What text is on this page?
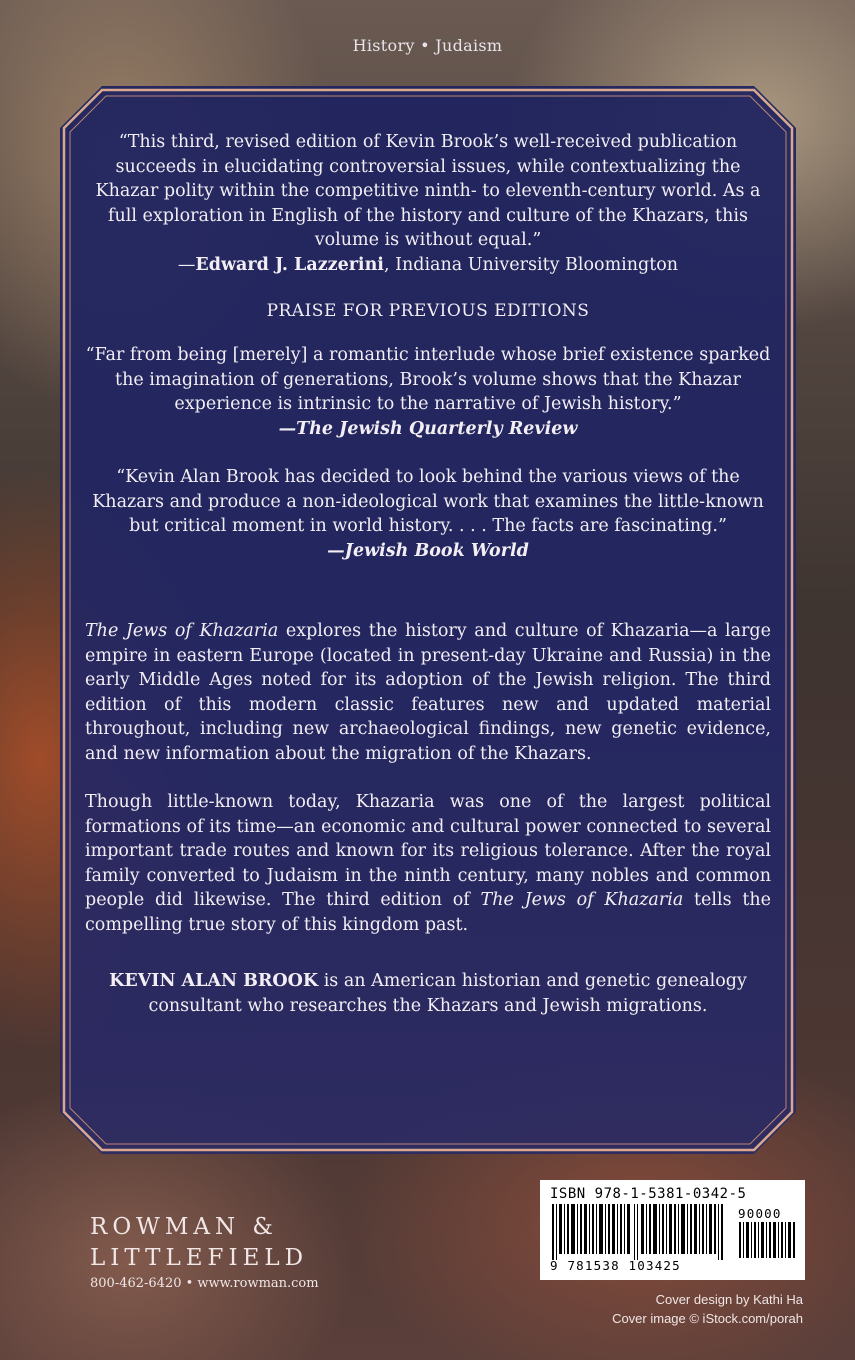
History • Judaism

“This third, revised edition of Kevin Brook’s well-received publication succeeds in elucidating controversial issues, while contextualizing the Khazar polity within the competitive ninth- to eleventh-century world. As a full exploration in English of the history and culture of the Khazars, this volume is without equal.”

—Edward J. Lazzerini, Indiana University Bloomington

PRAISE FOR PREVIOUS EDITIONS

“Far from being [merely] a romantic interlude whose brief existence sparked the imagination of generations, Brook’s volume shows that the Khazar experience is intrinsic to the narrative of Jewish history.”

—The Jewish Quarterly Review

“Kevin Alan Brook has decided to look behind the various views of the Khazars and produce a non-ideological work that examines the little-known but critical moment in world history. . . . The facts are fascinating.”

—Jewish Book World

The Jews of Khazaria explores the history and culture of Khazaria—a large empire in eastern Europe (located in present-day Ukraine and Russia) in the early Middle Ages noted for its adoption of the Jewish religion. The third edition of this modern classic features new and updated material throughout, including new archaeological findings, new genetic evidence, and new information about the migration of the Khazars.

Though little-known today, Khazaria was one of the largest political formations of its time—an economic and cultural power connected to several important trade routes and known for its religious tolerance. After the royal family converted to Judaism in the ninth century, many nobles and common people did likewise. The third edition of The Jews of Khazaria tells the compelling true story of this kingdom past.

KEVIN ALAN BROOK is an American historian and genetic genealogy consultant who researches the Khazars and Jewish migrations.

ROWMAN &
LITTLEFIELD
800-462-6420 • www.rowman.com
ISBN 978-1-5381-0342-5
90000
9 781538 103425
Cover design by Kathi Ha
Cover image © iStock.com/porah
